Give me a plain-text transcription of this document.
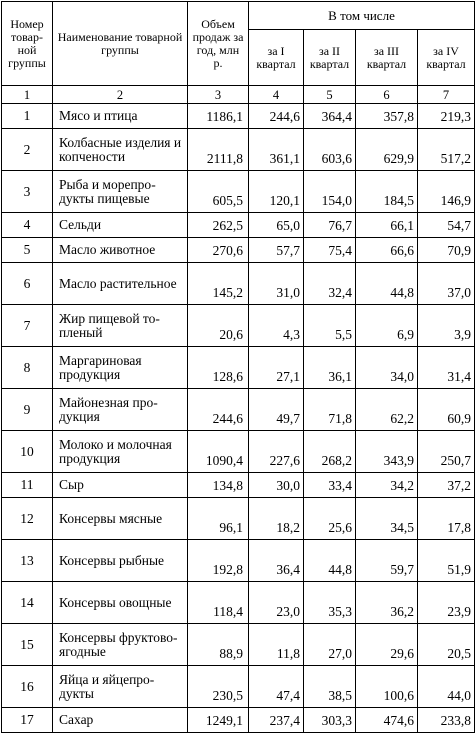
Номер товарной группы	Наименование товарной группы	Объем продаж за год, млн р.	В том числе			
			за I квартал	за II квартал	за III квартал	за IV квартал
1	2	3	4	5	6	7
1	Мясо и птица	1186,1	244,6	364,4	357,8	219,3
2	Колбасные изделия и копчености	2111,8	361,1	603,6	629,9	517,2
3	Рыба и морепродукты пищевые	605,5	120,1	154,0	184,5	146,9
4	Сельди	262,5	65,0	76,7	66,1	54,7
5	Масло животное	270,6	57,7	75,4	66,6	70,9
6	Масло растительное	145,2	31,0	32,4	44,8	37,0
7	Жир пищевой топленый	20,6	4,3	5,5	6,9	3,9
8	Маргариновая продукция	128,6	27,1	36,1	34,0	31,4
9	Майонезная продукция	244,6	49,7	71,8	62,2	60,9
10	Молоко и молочная продукция	1090,4	227,6	268,2	343,9	250,7
11	Сыр	134,8	30,0	33,4	34,2	37,2
12	Консервы мясные	96,1	18,2	25,6	34,5	17,8
13	Консервы рыбные	192,8	36,4	44,8	59,7	51,9
14	Консервы овощные	118,4	23,0	35,3	36,2	23,9
15	Консервы фруктово-ягодные	88,9	11,8	27,0	29,6	20,5
16	Яйца и яйцепродукты	230,5	47,4	38,5	100,6	44,0
17	Сахар	1249,1	237,4	303,3	474,6	233,8
